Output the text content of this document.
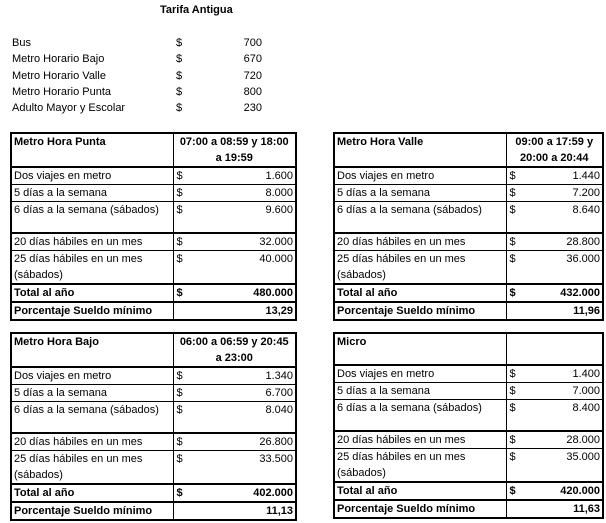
Tarifa Antigua
Bus	$	700
Metro Horario Bajo	$	670
Metro Horario Valle	$	720
Metro Horario Punta	$	800
Adulto Mayor y Escolar	$	230
Metro Hora Punta	07:00 a 08:59 y 18:00 a 19:59
Dos viajes en metro	$ 1.600

5 días a la semana	$ 8.000

6 días a la semana (sábados)	$ 9.600

20 días hábiles en un mes	$ 32.000

25 días hábiles en un mes (sábados)	$ 40.000

Total al año	$ 480.000

Porcentaje Sueldo mínimo	13,29
Metro Hora Valle	09:00 a 17:59 y 20:00 a 20:44
Dos viajes en metro	$ 1.440

5 días a la semana	$ 7.200

6 días a la semana (sábados)	$ 8.640

20 días hábiles en un mes	$ 28.800

25 días hábiles en un mes (sábados)	$ 36.000

Total al año	$ 432.000

Porcentaje Sueldo mínimo	11,96
Metro Hora Bajo	06:00 a 06:59 y 20:45 a 23:00
Dos viajes en metro	$ 1.340

5 días a la semana	$ 6.700

6 días a la semana (sábados)	$ 8.040

20 días hábiles en un mes	$ 26.800

25 días hábiles en un mes (sábados)	$ 33.500

Total al año	$ 402.000

Porcentaje Sueldo mínimo	11,13
Micro	
Dos viajes en metro	$ 1.400

5 días a la semana	$ 7.000

6 días a la semana (sábados)	$ 8.400

20 días hábiles en un mes	$ 28.000

25 días hábiles en un mes (sábados)	$ 35.000

Total al año	$ 420.000

Porcentaje Sueldo mínimo	11,63
